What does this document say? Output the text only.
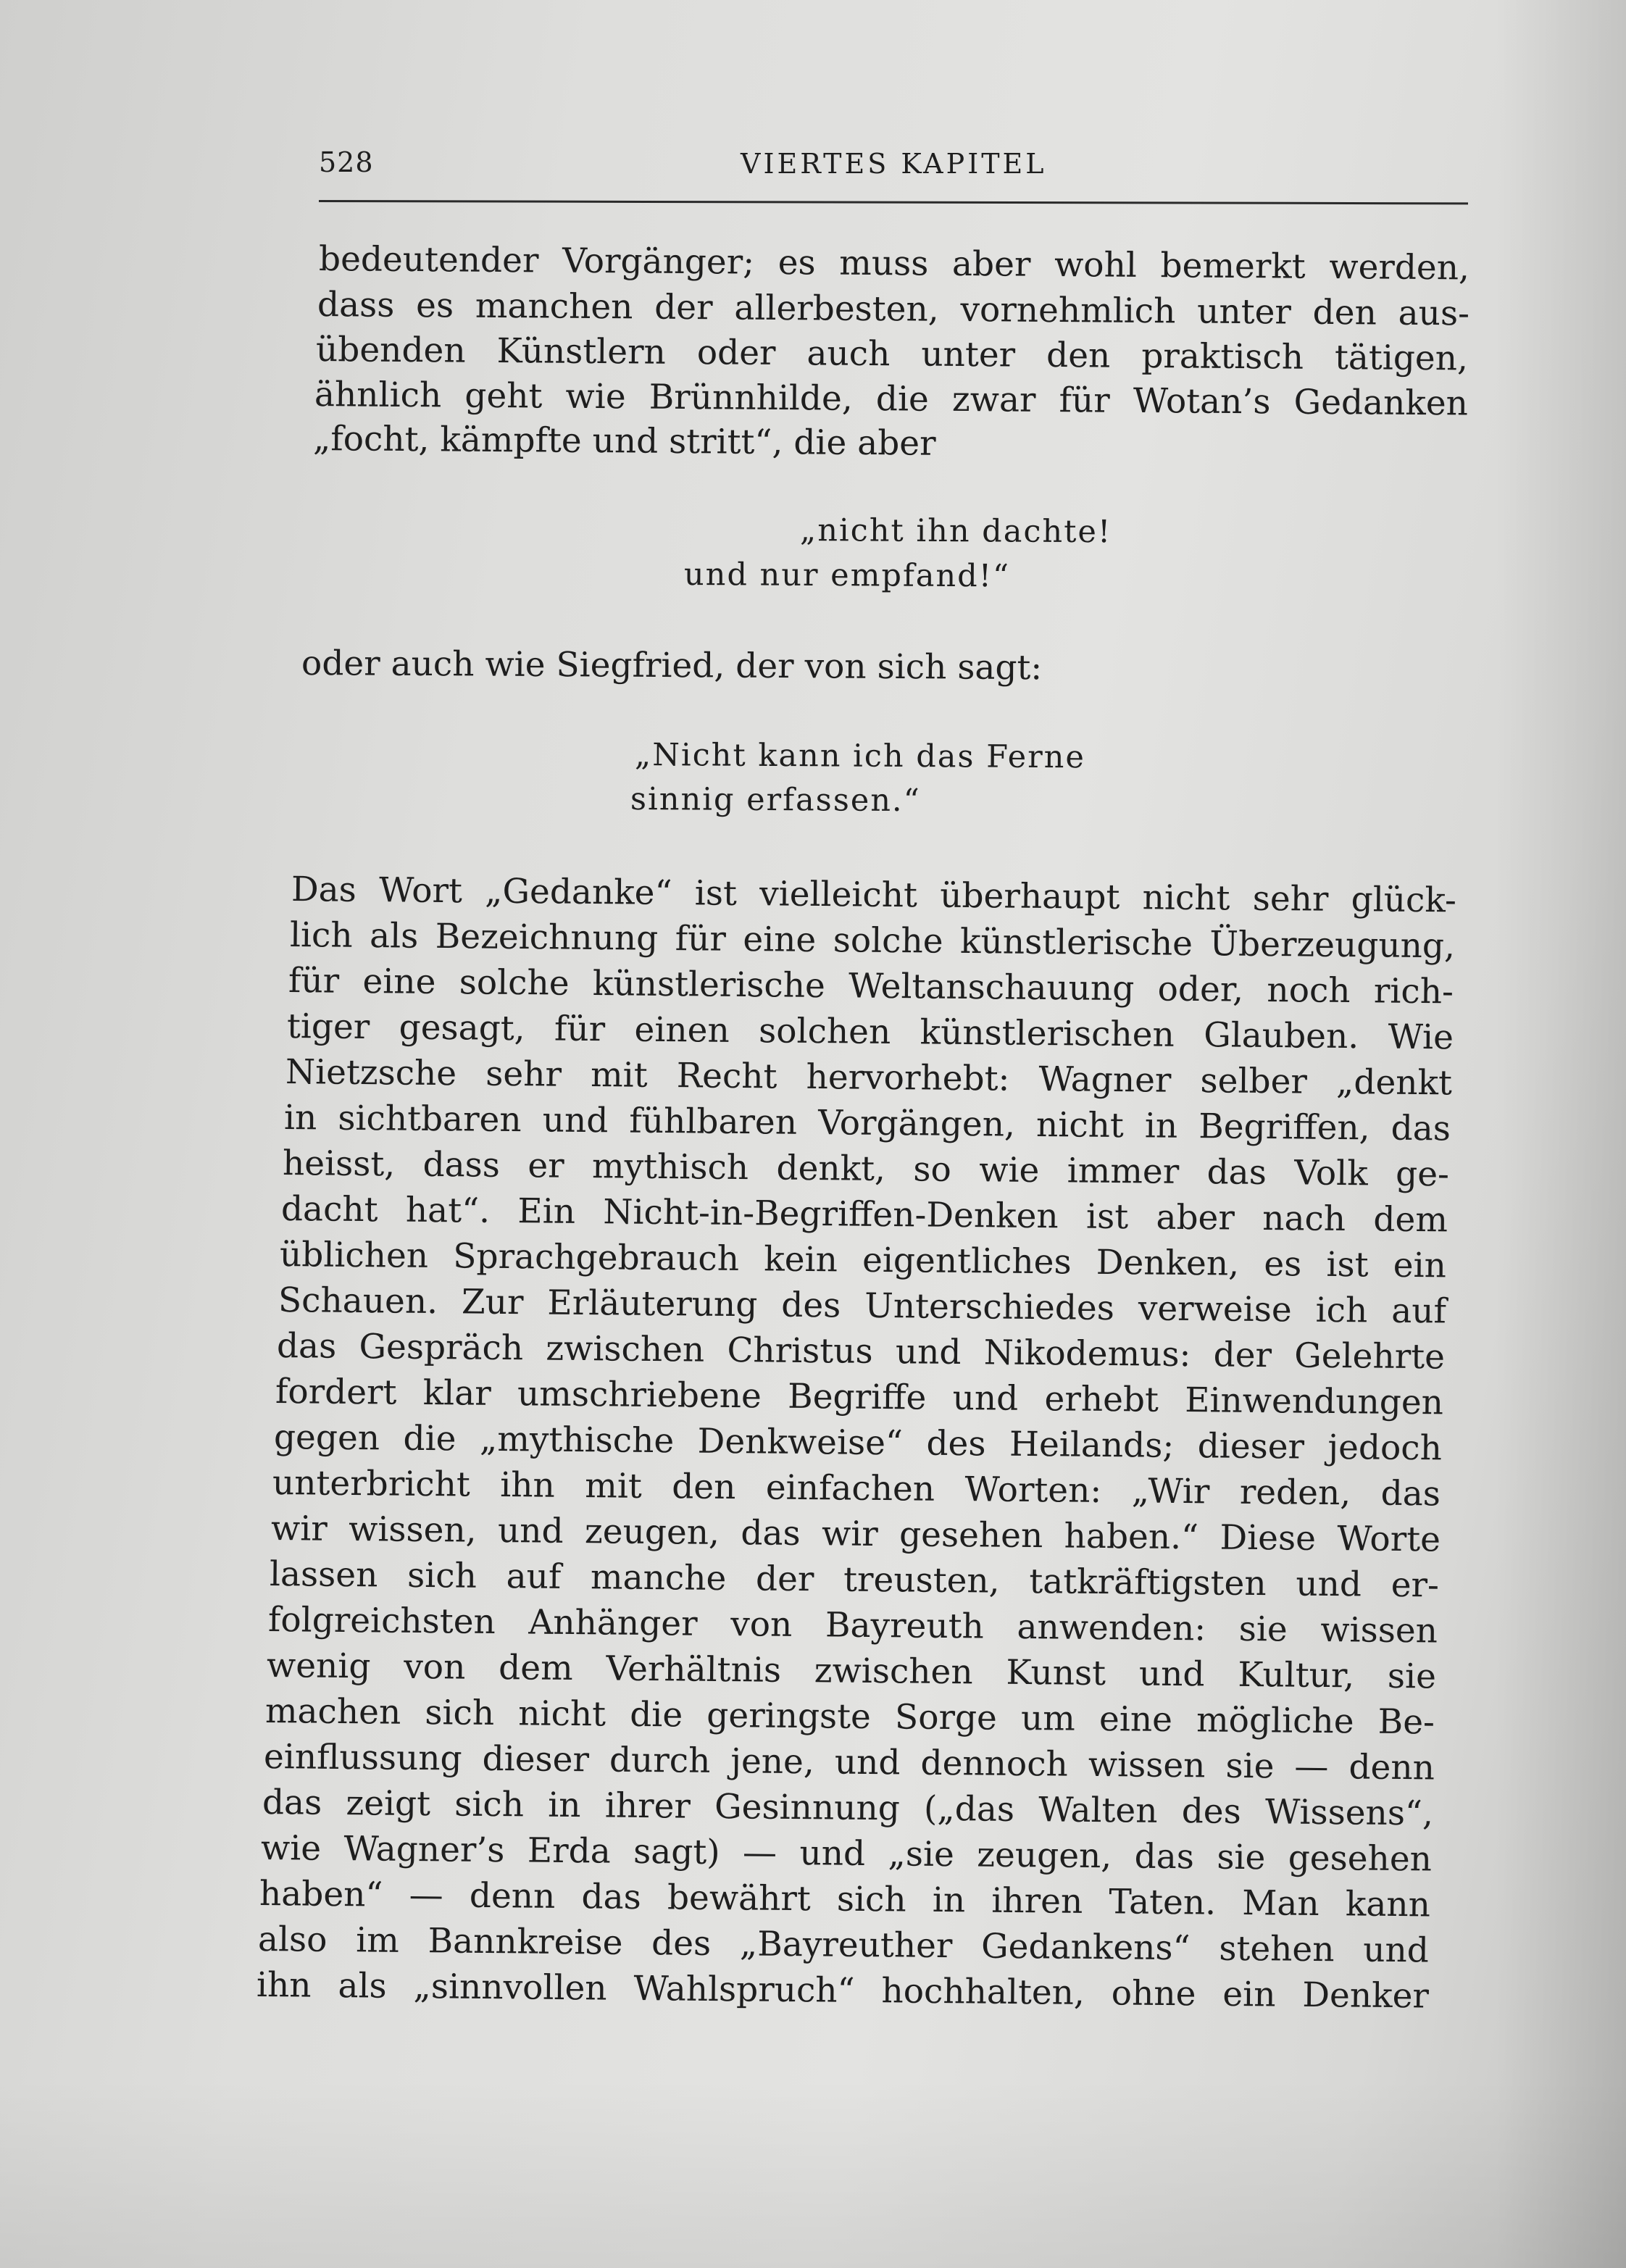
528	VIERTES KAPITEL
bedeutender Vorgänger; es muss aber wohl bemerkt werden,
dass es manchen der allerbesten, vornehmlich unter den aus-
übenden Künstlern oder auch unter den praktisch tätigen,
ähnlich geht wie Brünnhilde, die zwar für Wotan’s Gedanken
„focht, kämpfte und stritt“, die aber
„nicht ihn dachte!
und nur empfand!“
oder auch wie Siegfried, der von sich sagt:
„Nicht kann ich das Ferne
sinnig erfassen.“
Das Wort „Gedanke“ ist vielleicht überhaupt nicht sehr glück-
lich als Bezeichnung für eine solche künstlerische Überzeugung,
für eine solche künstlerische Weltanschauung oder, noch rich-
tiger gesagt, für einen solchen künstlerischen Glauben. Wie
Nietzsche sehr mit Recht hervorhebt: Wagner selber „denkt
in sichtbaren und fühlbaren Vorgängen, nicht in Begriffen, das
heisst, dass er mythisch denkt, so wie immer das Volk ge-
dacht hat“. Ein Nicht-in-Begriffen-Denken ist aber nach dem
üblichen Sprachgebrauch kein eigentliches Denken, es ist ein
Schauen. Zur Erläuterung des Unterschiedes verweise ich auf
das Gespräch zwischen Christus und Nikodemus: der Gelehrte
fordert klar umschriebene Begriffe und erhebt Einwendungen
gegen die „mythische Denkweise“ des Heilands; dieser jedoch
unterbricht ihn mit den einfachen Worten: „Wir reden, das
wir wissen, und zeugen, das wir gesehen haben.“ Diese Worte
lassen sich auf manche der treusten, tatkräftigsten und er-
folgreichsten Anhänger von Bayreuth anwenden: sie wissen
wenig von dem Verhältnis zwischen Kunst und Kultur, sie
machen sich nicht die geringste Sorge um eine mögliche Be-
einflussung dieser durch jene, und dennoch wissen sie — denn
das zeigt sich in ihrer Gesinnung („das Walten des Wissens“,
wie Wagner’s Erda sagt) — und „sie zeugen, das sie gesehen
haben“ — denn das bewährt sich in ihren Taten. Man kann
also im Bannkreise des „Bayreuther Gedankens“ stehen und
ihn als „sinnvollen Wahlspruch“ hochhalten, ohne ein Denker
